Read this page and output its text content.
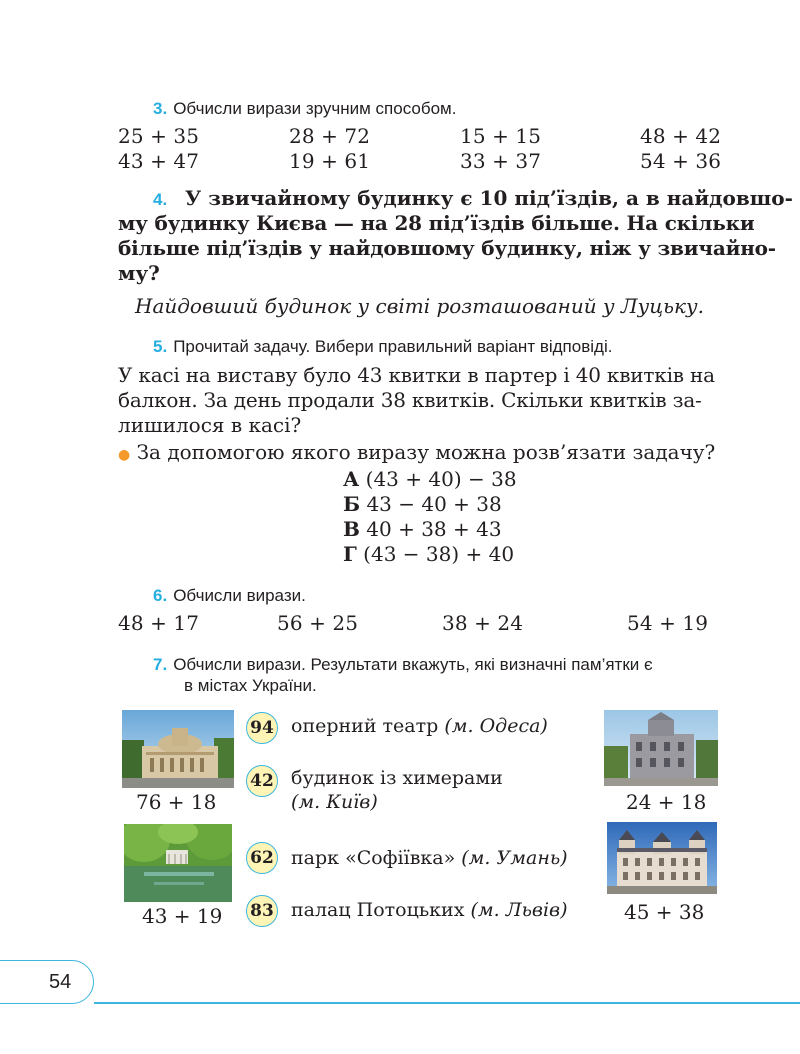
3. Обчисли вирази зручним способом.
25 + 35	28 + 72	15 + 15	48 + 42
43 + 47	19 + 61	33 + 37	54 + 36
4. У звичайному будинку є 10 під’їздів, а в найдовшо-
му будинку Києва — на 28 під’їздів більше. На скільки
більше під’їздів у найдовшому будинку, ніж у звичайно-
му?
Найдовший будинок у світі розташований у Луцьку.
5. Прочитай задачу. Вибери правильний варіант відповіді.
У касі на виставу було 43 квитки в партер і 40 квитків на
балкон. За день продали 38 квитків. Скільки квитків за-
лишилося в касі?
● За допомогою якого виразу можна розв’язати задачу?
А (43 + 40) − 38
Б 43 − 40 + 38
В 40 + 38 + 43
Г (43 − 38) + 40
6. Обчисли вирази.
48 + 17	56 + 25	38 + 24	54 + 19
7. Обчисли вирази. Результати вкажуть, які визначні пам’ятки є
в містах України.
76 + 18	24 + 18
43 + 19	45 + 38
94 оперний театр (м. Одеса)
42 будинок із химерами
(м. Київ)
62 парк «Софіївка» (м. Умань)
83 палац Потоцьких (м. Львів)
54
